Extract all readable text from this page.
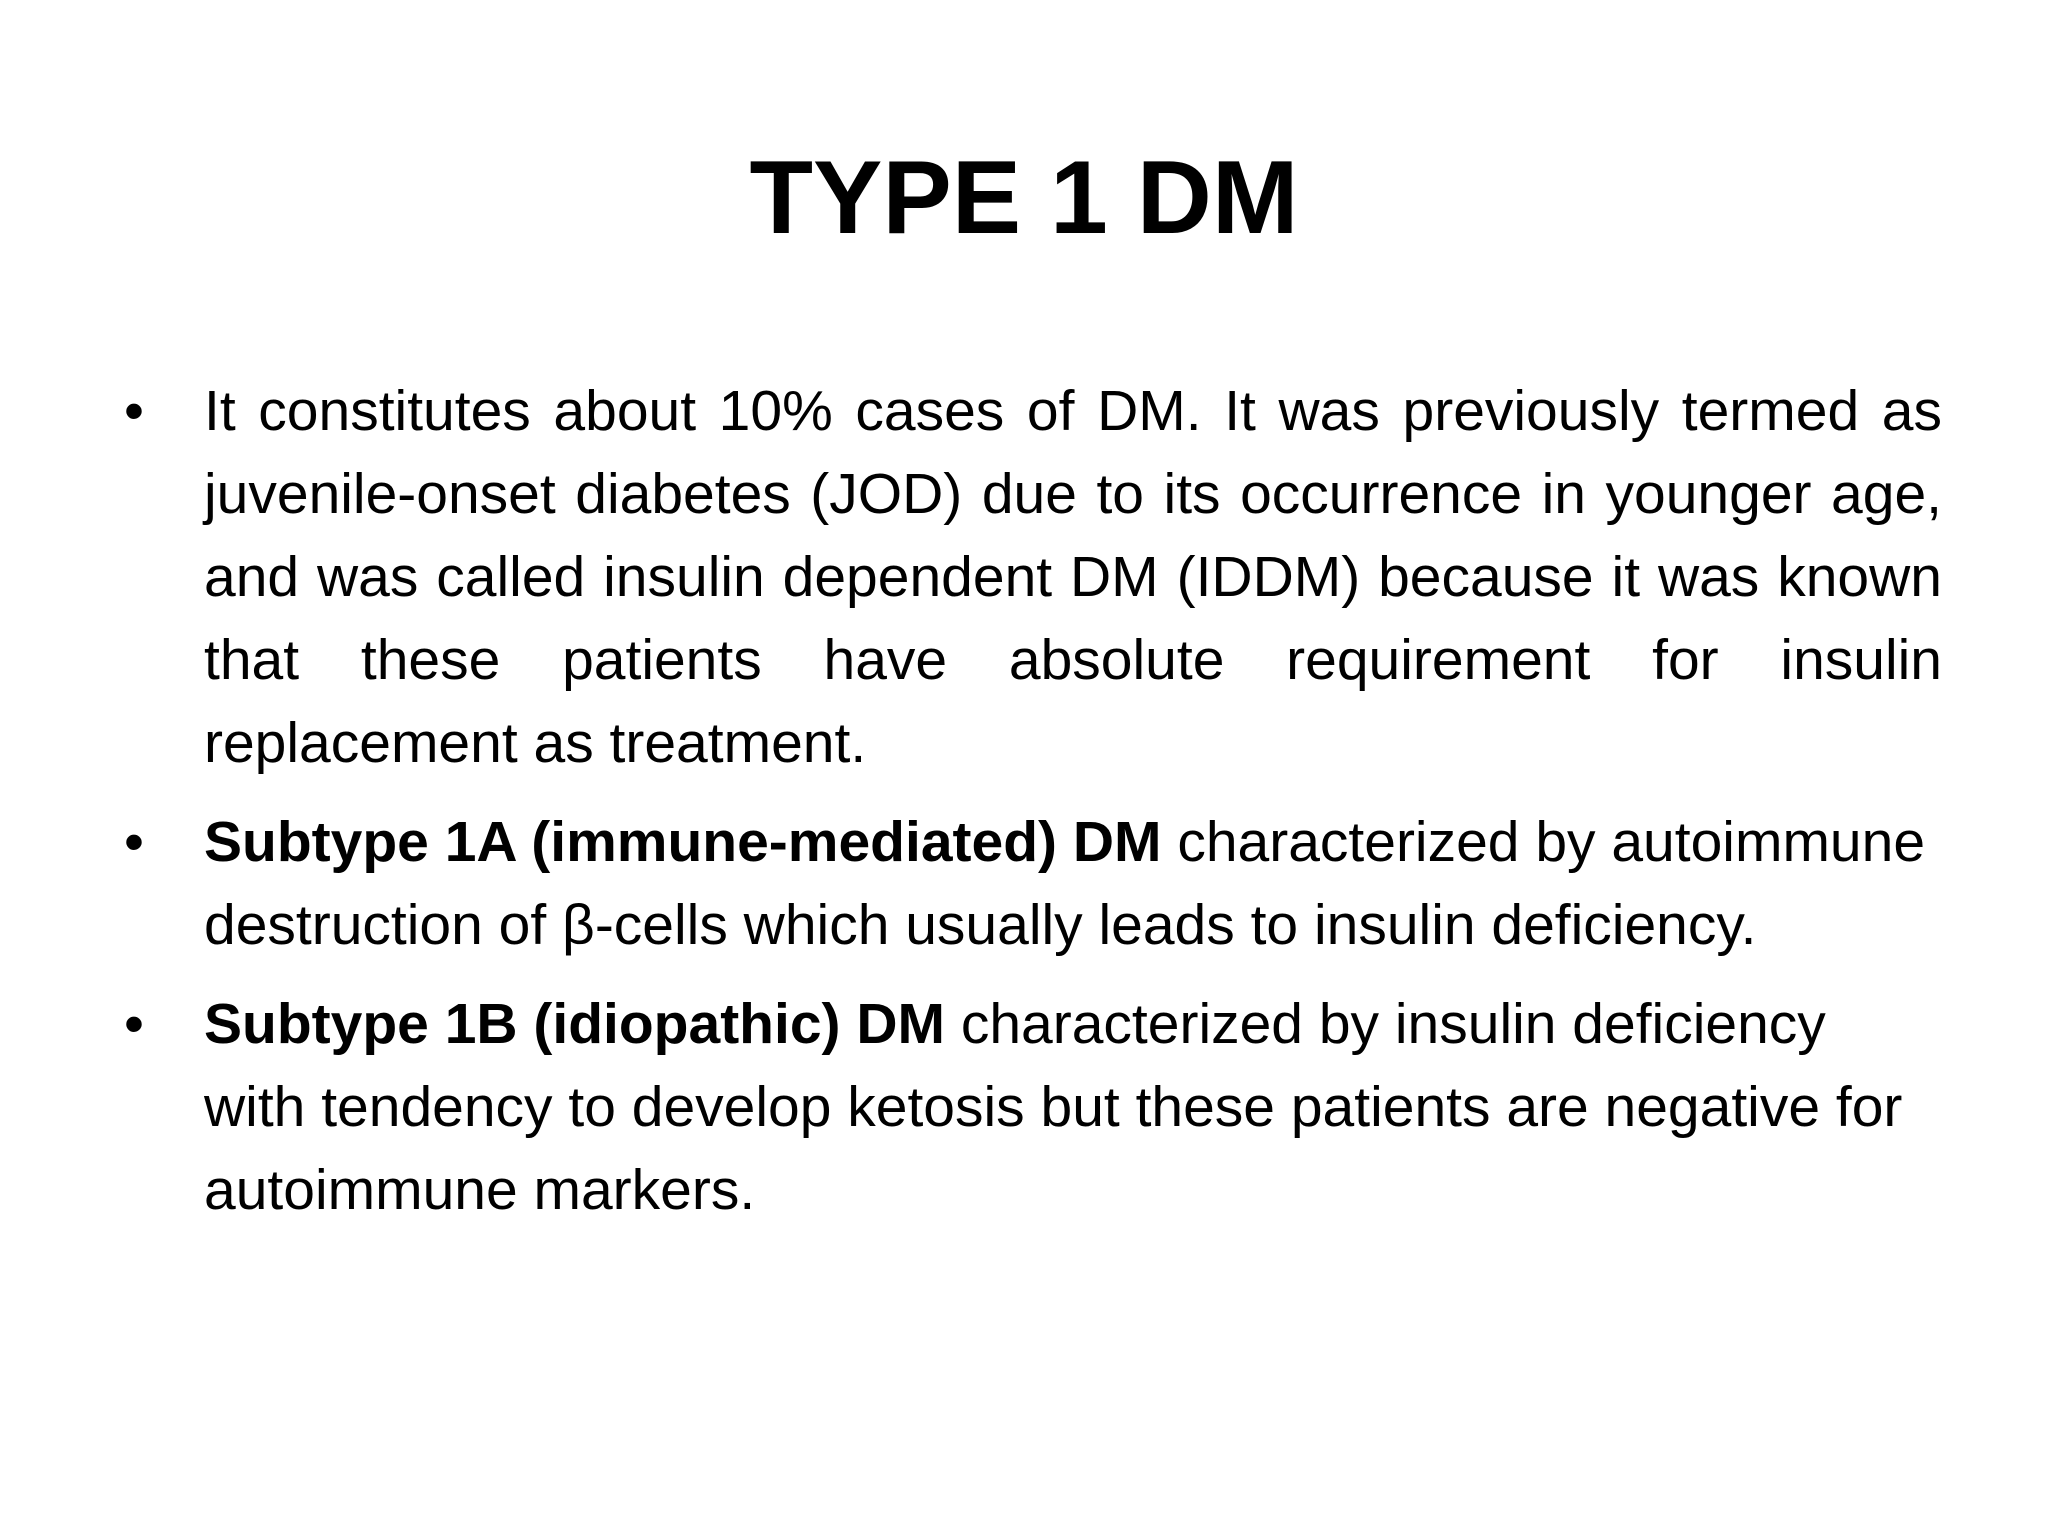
TYPE 1 DM
• It constitutes about 10% cases of DM. It was previously termed as juvenile-onset diabetes (JOD) due to its occurrence in younger age, and was called insulin dependent DM (IDDM) because it was known that these patients have absolute requirement for insulin replacement as treatment.
• Subtype 1A (immune-mediated) DM characterized by autoimmune destruction of β-cells which usually leads to insulin deficiency.
• Subtype 1B (idiopathic) DM characterized by insulin deficiency with tendency to develop ketosis but these patients are negative for autoimmune markers.
